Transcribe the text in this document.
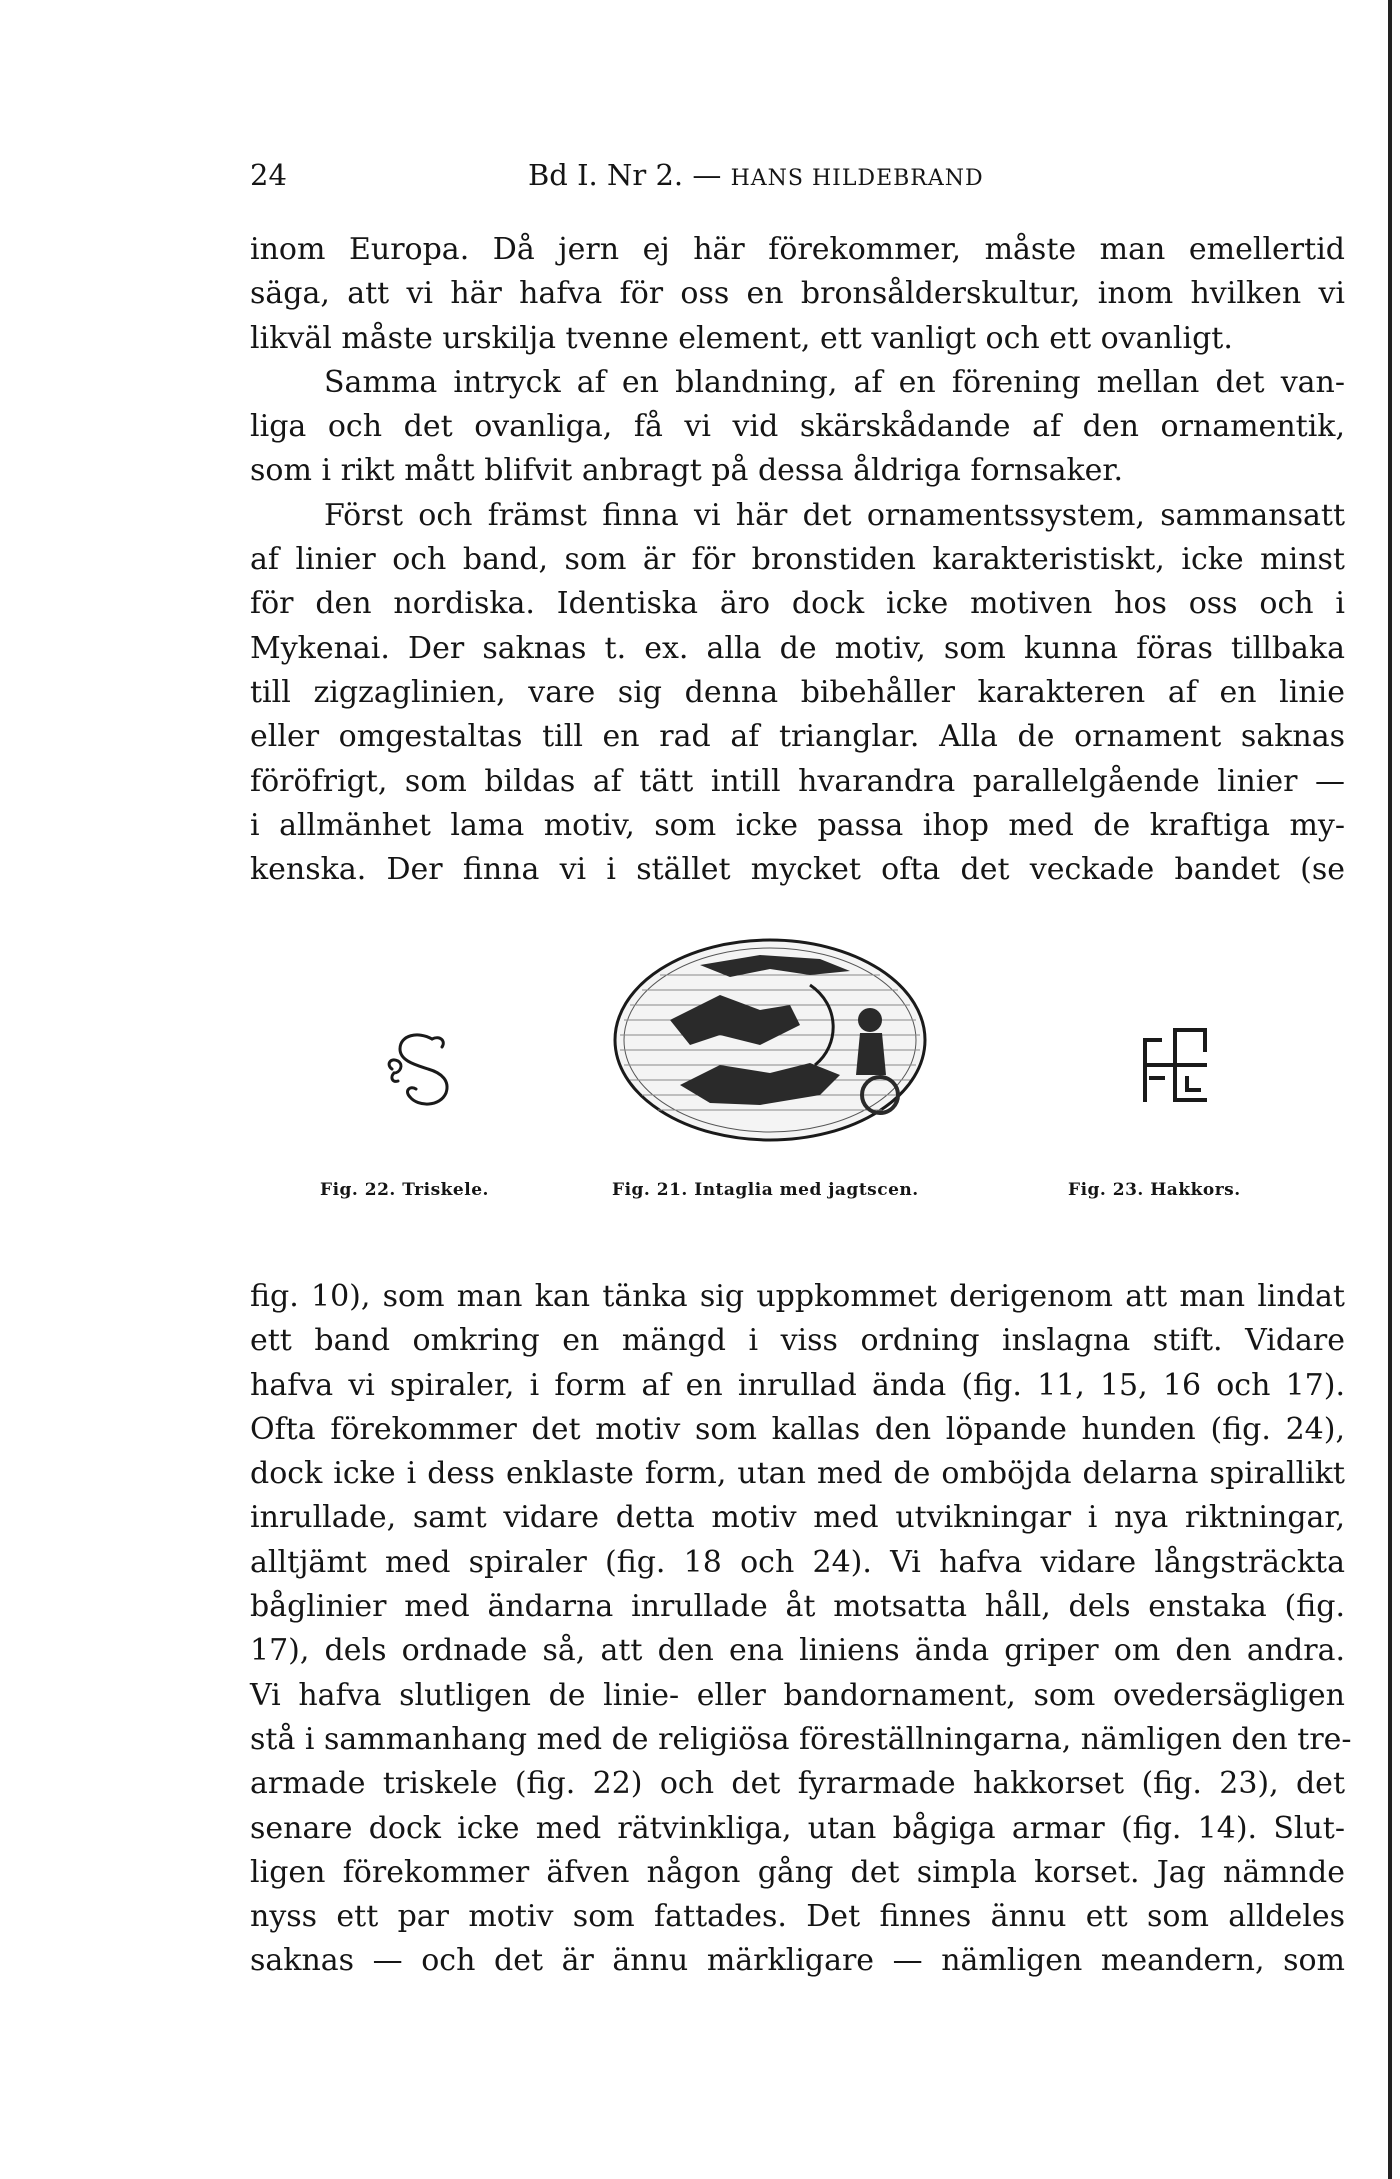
24	Bd I. Nr 2. — HANS HILDEBRAND
inom Europa. Då jern ej här förekommer, måste man emellertid
säga, att vi här hafva för oss en bronsålderskultur, inom hvilken vi
likväl måste urskilja tvenne element, ett vanligt och ett ovanligt.
Samma intryck af en blandning, af en förening mellan det van-
liga och det ovanliga, få vi vid skärskådande af den ornamentik,
som i rikt mått blifvit anbragt på dessa åldriga fornsaker.
Först och främst finna vi här det ornamentssystem, sammansatt
af linier och band, som är för bronstiden karakteristiskt, icke minst
för den nordiska. Identiska äro dock icke motiven hos oss och i
Mykenai. Der saknas t. ex. alla de motiv, som kunna föras tillbaka
till zigzaglinien, vare sig denna bibehåller karakteren af en linie
eller omgestaltas till en rad af trianglar. Alla de ornament saknas
föröfrigt, som bildas af tätt intill hvarandra parallelgående linier —
i allmänhet lama motiv, som icke passa ihop med de kraftiga my-
kenska. Der finna vi i stället mycket ofta det veckade bandet (se
Fig. 22. Triskele.	Fig. 21. Intaglia med jagtscen.	Fig. 23. Hakkors.
fig. 10), som man kan tänka sig uppkommet derigenom att man lindat
ett band omkring en mängd i viss ordning inslagna stift. Vidare
hafva vi spiraler, i form af en inrullad ända (fig. 11, 15, 16 och 17).
Ofta förekommer det motiv som kallas den löpande hunden (fig. 24),
dock icke i dess enklaste form, utan med de omböjda delarna spirallikt
inrullade, samt vidare detta motiv med utvikningar i nya riktningar,
alltjämt med spiraler (fig. 18 och 24). Vi hafva vidare långsträckta
båglinier med ändarna inrullade åt motsatta håll, dels enstaka (fig.
17), dels ordnade så, att den ena liniens ända griper om den andra.
Vi hafva slutligen de linie- eller bandornament, som ovedersägligen
stå i sammanhang med de religiösa föreställningarna, nämligen den tre-
armade triskele (fig. 22) och det fyrarmade hakkorset (fig. 23), det
senare dock icke med rätvinkliga, utan bågiga armar (fig. 14). Slut-
ligen förekommer äfven någon gång det simpla korset. Jag nämnde
nyss ett par motiv som fattades. Det finnes ännu ett som alldeles
saknas — och det är ännu märkligare — nämligen meandern, som
